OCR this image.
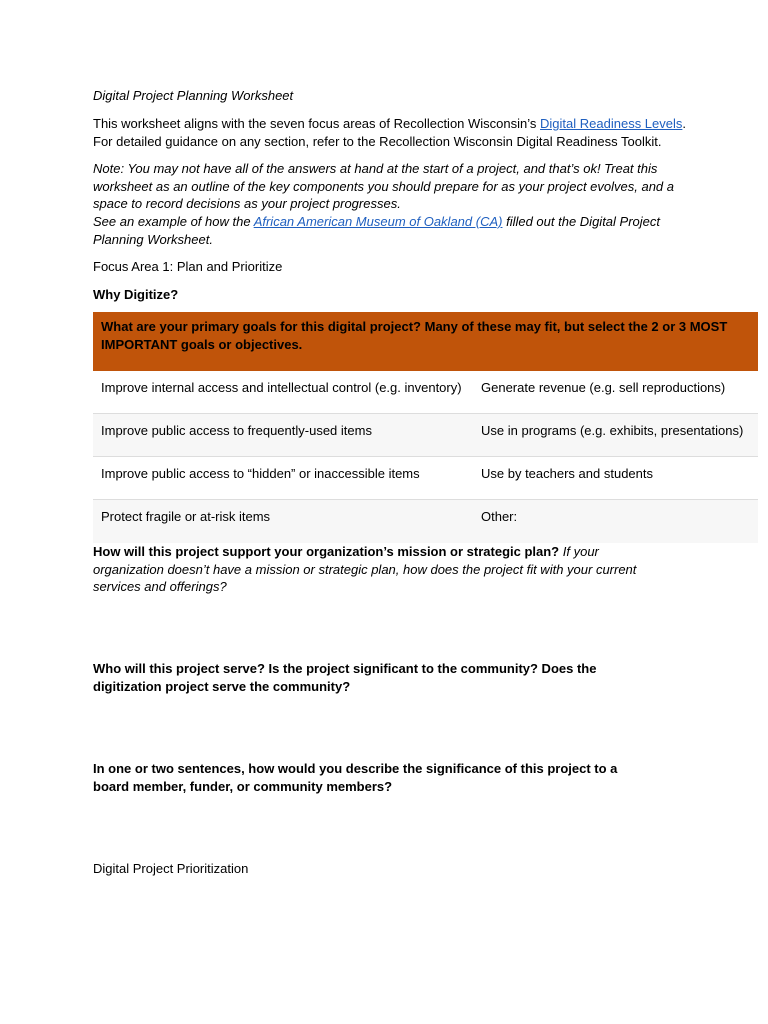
Digital Project Planning Worksheet

This worksheet aligns with the seven focus areas of Recollection Wisconsin’s Digital Readiness Levels.
For detailed guidance on any section, refer to the Recollection Wisconsin Digital Readiness Toolkit.

Note: You may not have all of the answers at hand at the start of a project, and that’s ok! Treat this worksheet as an outline of the key components you should prepare for as your project evolves, and a space to record decisions as your project progresses.

See an example of how the African American Museum of Oakland (CA) filled out the Digital Project Planning Worksheet.

Focus Area 1: Plan and Prioritize

Why Digitize?

What are your primary goals for this digital project? Many of these may fit, but select the 2 or 3 MOST IMPORTANT goals or objectives.
Improve internal access and intellectual control (e.g. inventory)	Generate revenue (e.g. sell reproductions)
Improve public access to frequently-used items	Use in programs (e.g. exhibits, presentations)
Improve public access to “hidden” or inaccessible items	Use by teachers and students
Protect fragile or at-risk items	Other:

How will this project support your organization’s mission or strategic plan? If your organization doesn’t have a mission or strategic plan, how does the project fit with your current services and offerings?

Who will this project serve? Is the project significant to the community? Does the digitization project serve the community?

In one or two sentences, how would you describe the significance of this project to a board member, funder, or community members?

Digital Project Prioritization
